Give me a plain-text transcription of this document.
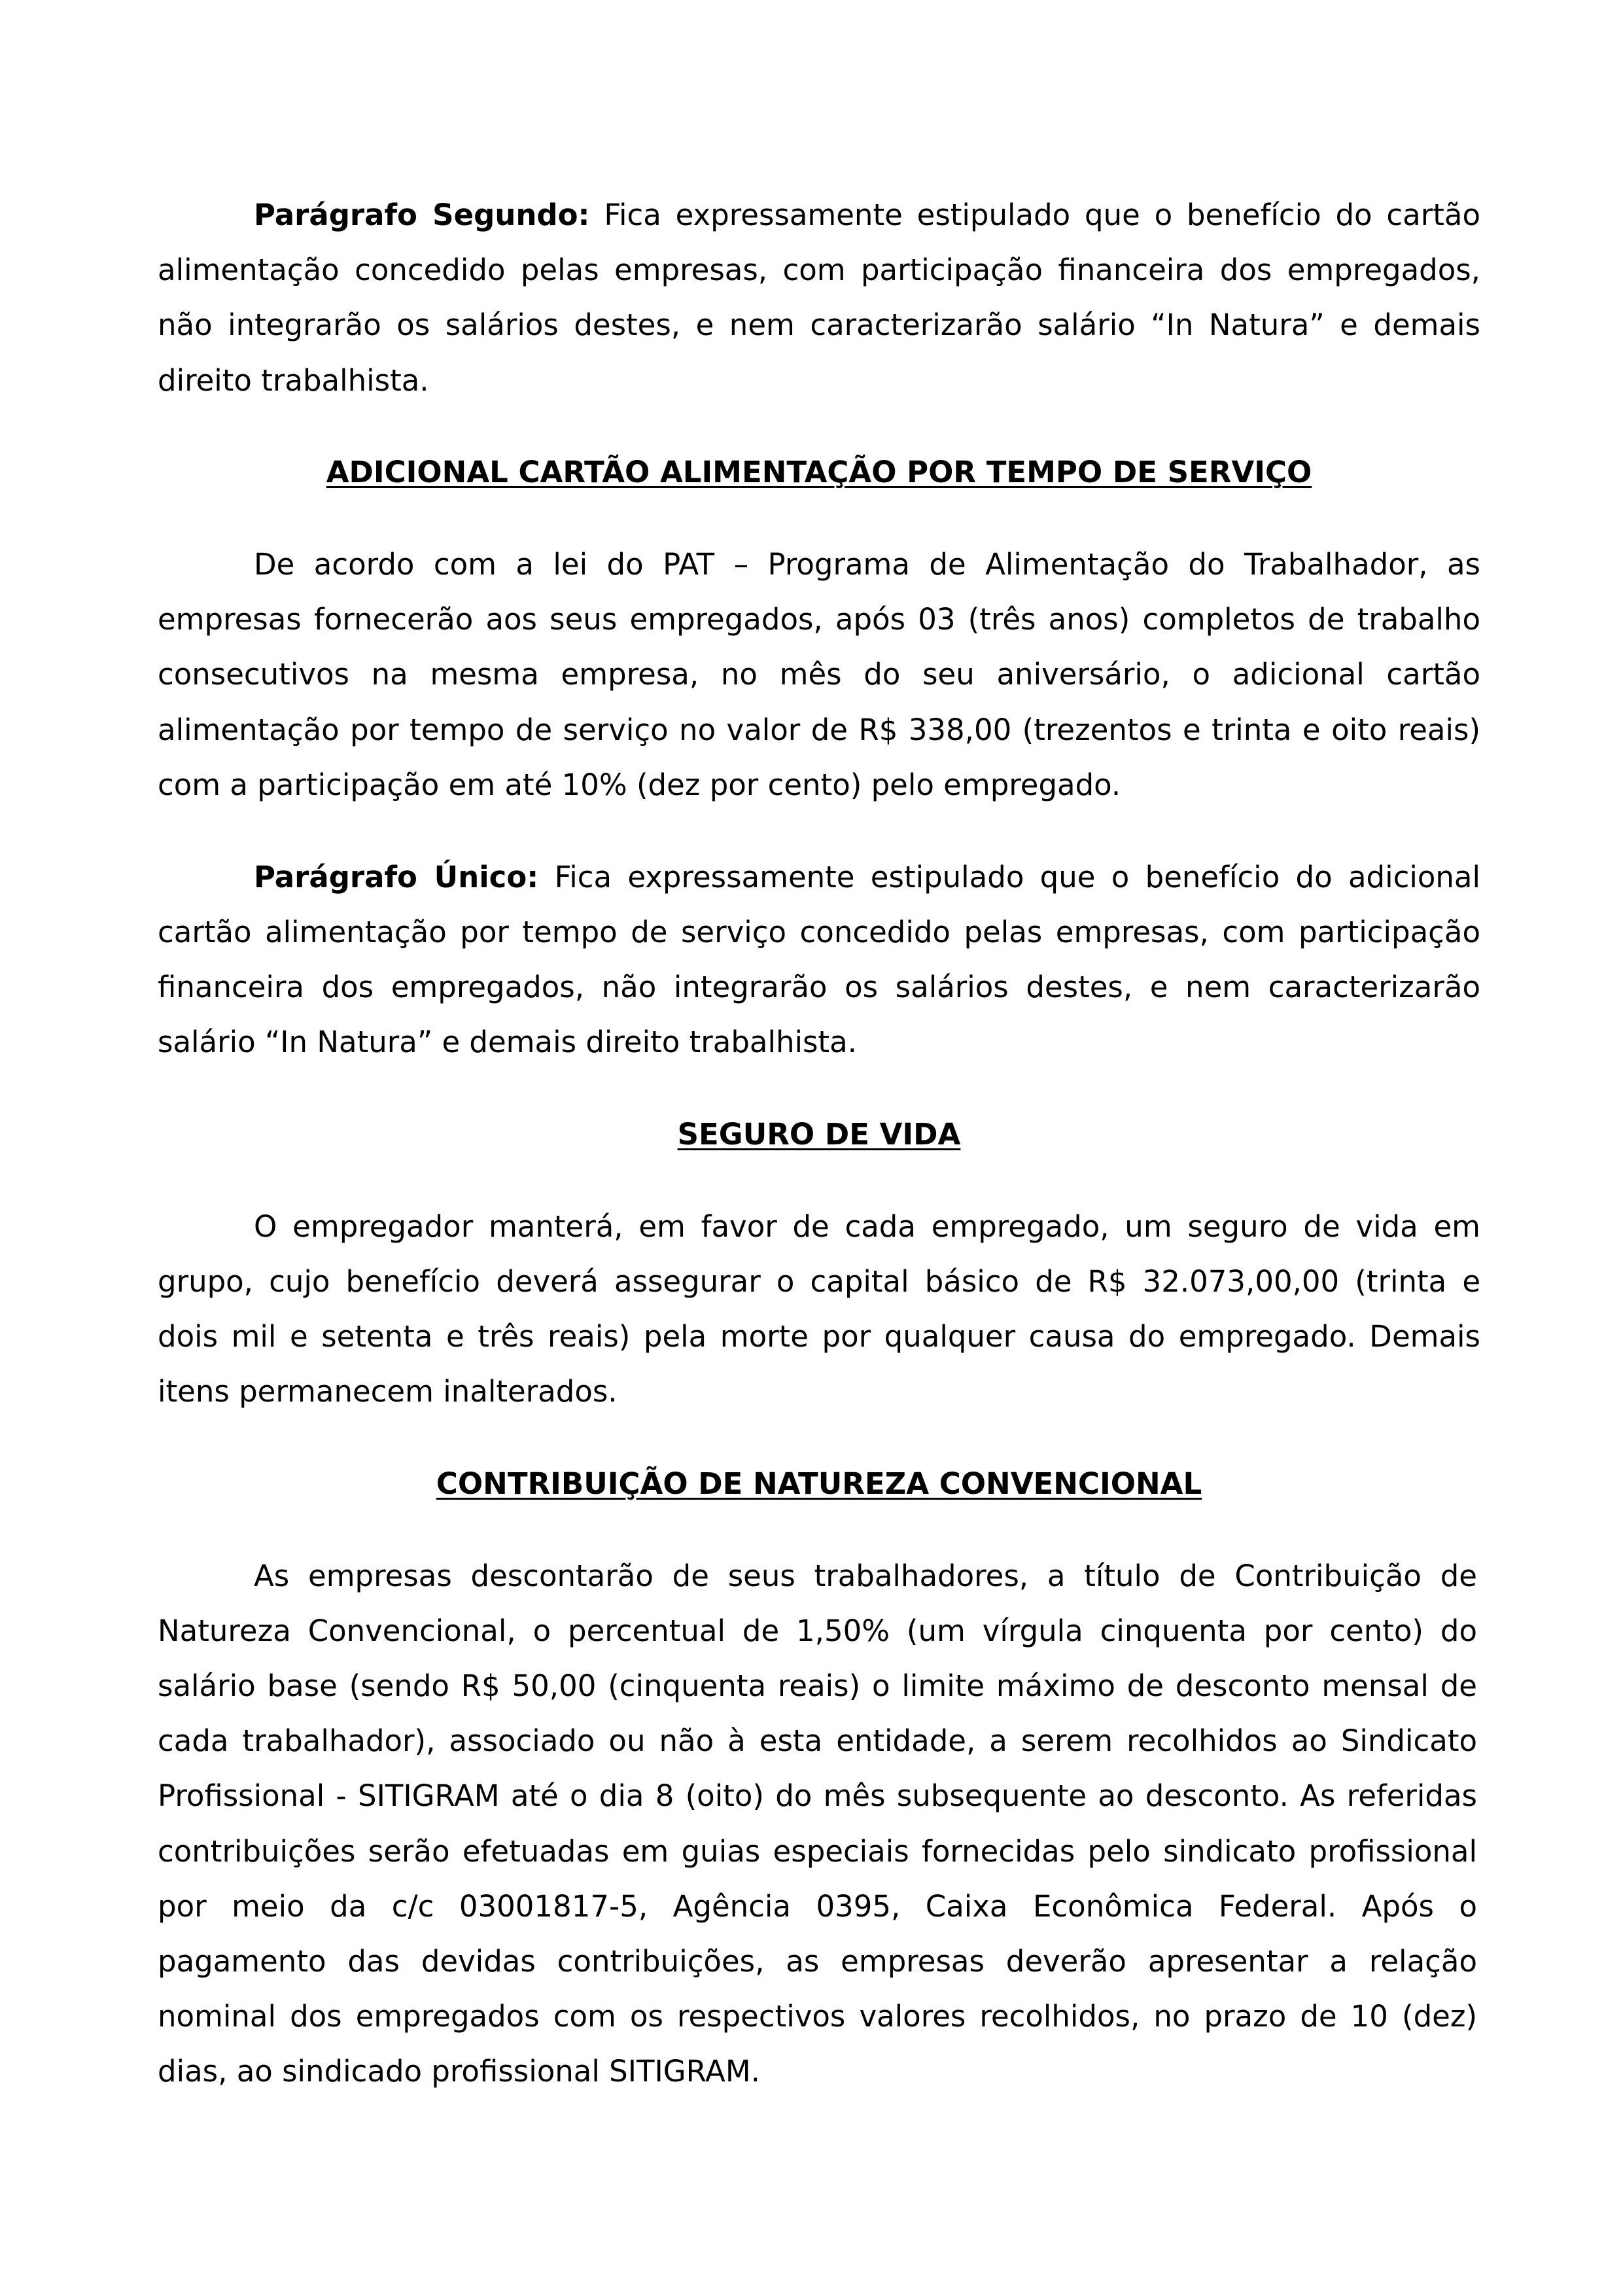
Parágrafo Segundo: Fica expressamente estipulado que o benefício do cartão
alimentação concedido pelas empresas, com participação financeira dos empregados,
não integrarão os salários destes, e nem caracterizarão salário “In Natura” e demais
direito trabalhista.
ADICIONAL CARTÃO ALIMENTAÇÃO POR TEMPO DE SERVIÇO
De acordo com a lei do PAT – Programa de Alimentação do Trabalhador, as
empresas fornecerão aos seus empregados, após 03 (três anos) completos de trabalho
consecutivos na mesma empresa, no mês do seu aniversário, o adicional cartão
alimentação por tempo de serviço no valor de R$ 338,00 (trezentos e trinta e oito reais)
com a participação em até 10% (dez por cento) pelo empregado.
Parágrafo Único: Fica expressamente estipulado que o benefício do adicional
cartão alimentação por tempo de serviço concedido pelas empresas, com participação
financeira dos empregados, não integrarão os salários destes, e nem caracterizarão
salário “In Natura” e demais direito trabalhista.
SEGURO DE VIDA
O empregador manterá, em favor de cada empregado, um seguro de vida em
grupo, cujo benefício deverá assegurar o capital básico de R$ 32.073,00,00 (trinta e
dois mil e setenta e três reais) pela morte por qualquer causa do empregado. Demais
itens permanecem inalterados.
CONTRIBUIÇÃO DE NATUREZA CONVENCIONAL
As empresas descontarão de seus trabalhadores, a título de Contribuição de
Natureza Convencional, o percentual de 1,50% (um vírgula cinquenta por cento) do
salário base (sendo R$ 50,00 (cinquenta reais) o limite máximo de desconto mensal de
cada trabalhador), associado ou não à esta entidade, a serem recolhidos ao Sindicato
Profissional - SITIGRAM até o dia 8 (oito) do mês subsequente ao desconto. As referidas
contribuições serão efetuadas em guias especiais fornecidas pelo sindicato profissional
por meio da c/c 03001817-5, Agência 0395, Caixa Econômica Federal. Após o
pagamento das devidas contribuições, as empresas deverão apresentar a relação
nominal dos empregados com os respectivos valores recolhidos, no prazo de 10 (dez)
dias, ao sindicado profissional SITIGRAM.
